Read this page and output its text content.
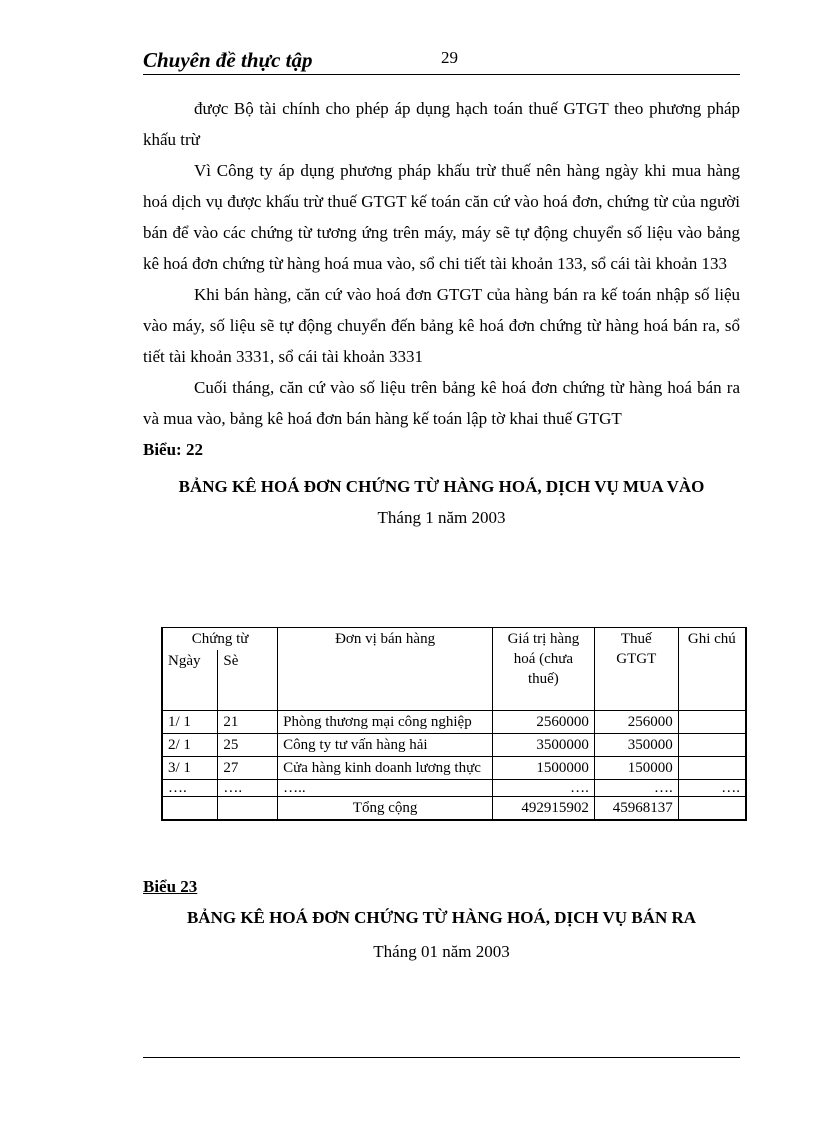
Chuyên đề thực tập	29

được Bộ tài chính cho phép áp dụng hạch toán thuế GTGT theo phương pháp khấu trừ

Vì Công ty áp dụng phương pháp khấu trừ thuế nên hàng ngày khi mua hàng hoá dịch vụ được khấu trừ thuế GTGT kế toán căn cứ vào hoá đơn, chứng từ của người bán để vào các chứng từ tương ứng trên máy, máy sẽ tự động chuyển số liệu vào bảng kê hoá đơn chứng từ hàng hoá mua vào, sổ chi tiết tài khoản 133, sổ cái tài khoản 133

Khi bán hàng, căn cứ vào hoá đơn GTGT của hàng bán ra kế toán nhập số liệu vào máy, số liệu sẽ tự động chuyển đến bảng kê hoá đơn chứng từ hàng hoá bán ra, sổ tiết tài khoản 3331, sổ cái tài khoản 3331

Cuối tháng, căn cứ vào số liệu trên bảng kê hoá đơn chứng từ hàng hoá bán ra và mua vào, bảng kê hoá đơn bán hàng kế toán lập tờ khai thuế GTGT

Biểu: 22
BẢNG KÊ HOÁ ĐƠN CHỨNG TỪ HÀNG HOÁ, DỊCH VỤ MUA VÀO
Tháng 1 năm 2003
Chứng từ		Đơn vị bán hàng	Giá trị hàng hoá (chưa thuế)	Thuế GTGT	Ghi chú
Ngày	Sè				
1/ 1	21	Phòng thương mại công nghiệp	2560000	256000	
2/ 1	25	Công ty tư vấn hàng hải	3500000	350000	
3/ 1	27	Cửa hàng kinh doanh lương thực	1500000	150000	
….	….	…..	….	….	….
		Tổng cộng	492915902	45968137	
Biểu 23
BẢNG KÊ HOÁ ĐƠN CHỨNG TỪ HÀNG HOÁ, DỊCH VỤ BÁN RA
Tháng 01 năm 2003
